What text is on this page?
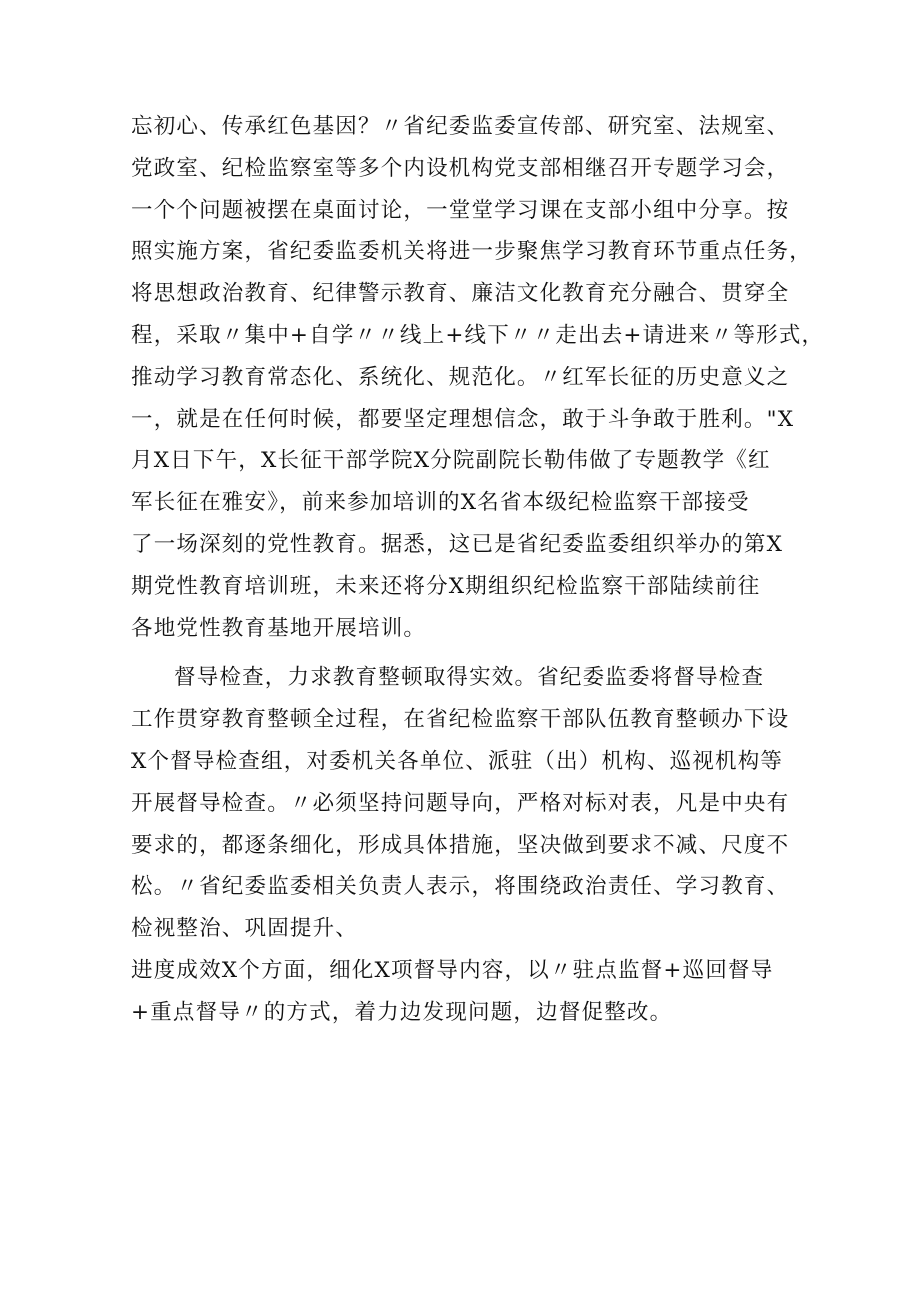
忘初心、传承红色基因？〃省纪委监委宣传部、研究室、法规室、
党政室、纪检监察室等多个内设机构党支部相继召开专题学习会，
一个个问题被摆在桌面讨论，一堂堂学习课在支部小组中分享。按
照实施方案，省纪委监委机关将进一步聚焦学习教育环节重点任务，
将思想政治教育、纪律警示教育、廉洁文化教育充分融合、贯穿全
程，采取〃集中+自学〃〃线上+线下〃〃走出去+请进来〃等形式，
推动学习教育常态化、系统化、规范化。〃红军长征的历史意义之
一，就是在任何时候，都要坚定理想信念，敢于斗争敢于胜利。"X
月X日下午，X长征干部学院X分院副院长勒伟做了专题教学《红
军长征在雅安》，前来参加培训的X名省本级纪检监察干部接受
了一场深刻的党性教育。据悉，这已是省纪委监委组织举办的第X
期党性教育培训班，未来还将分X期组织纪检监察干部陆续前往
各地党性教育基地开展培训。
督导检查，力求教育整顿取得实效。省纪委监委将督导检查
工作贯穿教育整顿全过程，在省纪检监察干部队伍教育整顿办下设
X个督导检查组，对委机关各单位、派驻（出）机构、巡视机构等
开展督导检查。〃必须坚持问题导向，严格对标对表，凡是中央有
要求的，都逐条细化，形成具体措施，坚决做到要求不减、尺度不
松。〃省纪委监委相关负责人表示，将围绕政治责任、学习教育、
检视整治、巩固提升、
进度成效X个方面，细化X项督导内容，以〃驻点监督+巡回督导
+重点督导〃的方式，着力边发现问题，边督促整改。
